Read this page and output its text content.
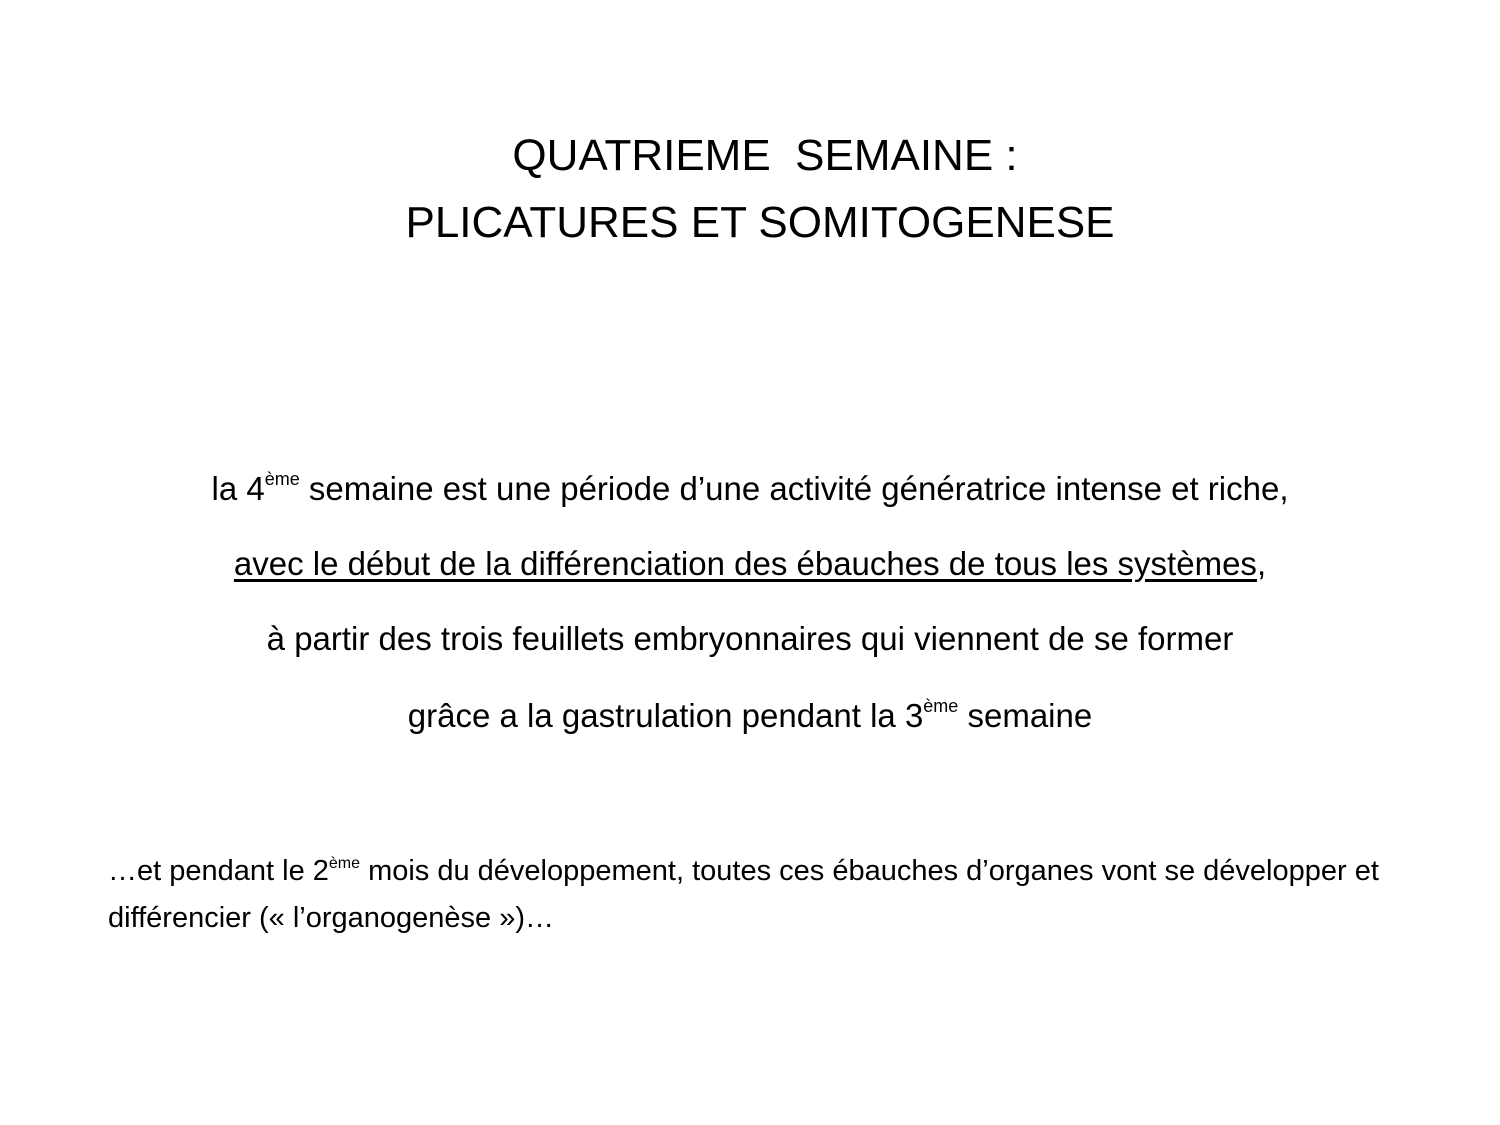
QUATRIEME  SEMAINE :
PLICATURES ET SOMITOGENESE
la 4ème semaine est une période d’une activité génératrice intense et riche,
avec le début de la différenciation des ébauches de tous les systèmes,
à partir des trois feuillets embryonnaires qui viennent de se former
grâce a la gastrulation pendant la 3ème semaine
…et pendant le 2ème mois du développement, toutes ces ébauches d’organes vont se développer et différencier (« l’organogenèse »)…
